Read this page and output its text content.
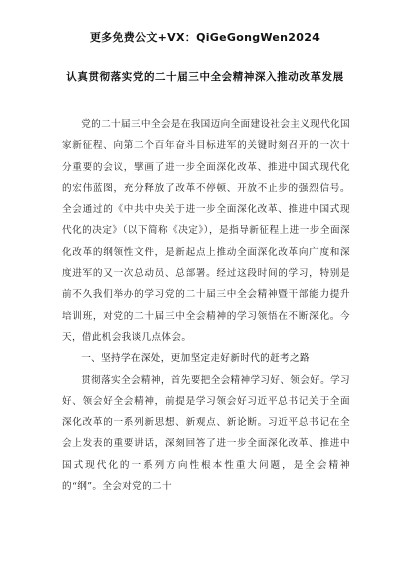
更多免费公文+VX：QiGeGongWen2024
认真贯彻落实党的二十届三中全会精神深入推动改革发展

党的二十届三中全会是在我国迈向全面建设社会主义现代化国家新征程、向第二个百年奋斗目标进军的关键时刻召开的一次十分重要的会议，擘画了进一步全面深化改革、推进中国式现代化的宏伟蓝图，充分释放了改革不停顿、开放不止步的强烈信号。全会通过的《中共中央关于进一步全面深化改革、推进中国式现代化的决定》（以下简称《决定》），是指导新征程上进一步全面深化改革的纲领性文件，是新起点上推动全面深化改革向广度和深度进军的又一次总动员、总部署。经过这段时间的学习，特别是前不久我们举办的学习党的二十届三中全会精神暨干部能力提升培训班，对党的二十届三中全会精神的学习领悟在不断深化。今天，借此机会我谈几点体会。

一、坚持学在深处，更加坚定走好新时代的赶考之路

贯彻落实全会精神，首先要把全会精神学习好、领会好。学习好、领会好全会精神，前提是学习领会好习近平总书记关于全面深化改革的一系列新思想、新观点、新论断。习近平总书记在全会上发表的重要讲话，深刻回答了进一步全面深化改革、推进中国式现代化的一系列方向性根本性重大问题，是全会精神的“纲”。全会对党的二十
